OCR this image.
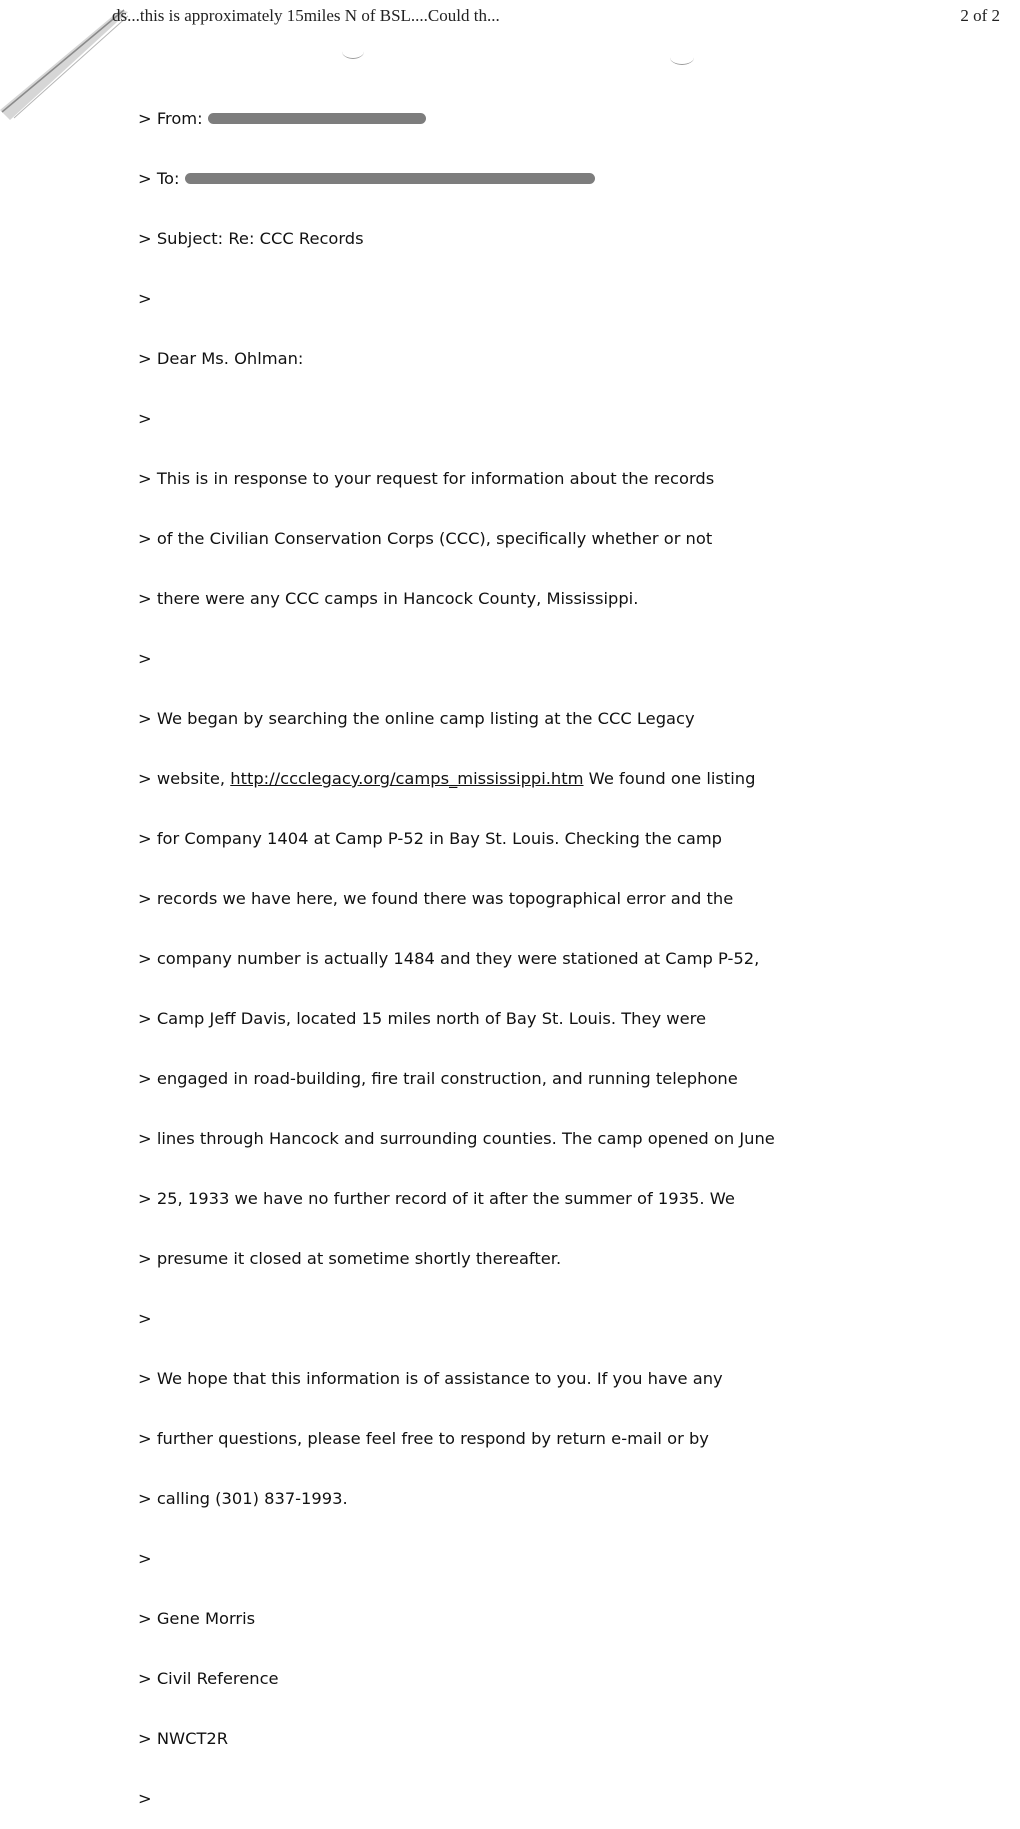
ds...this is approximately 15miles N of BSL....Could th...	2 of 2

> From:

> To:

> Subject: Re: CCC Records

>

> Dear Ms. Ohlman:

>

> This is in response to your request for information about the records

> of the Civilian Conservation Corps (CCC), specifically whether or not

> there were any CCC camps in Hancock County, Mississippi.

>

> We began by searching the online camp listing at the CCC Legacy

> website, http://ccclegacy.org/camps_mississippi.htm We found one listing

> for Company 1404 at Camp P-52 in Bay St. Louis. Checking the camp

> records we have here, we found there was topographical error and the

> company number is actually 1484 and they were stationed at Camp P-52,

> Camp Jeff Davis, located 15 miles north of Bay St. Louis. They were

> engaged in road-building, fire trail construction, and running telephone

> lines through Hancock and surrounding counties. The camp opened on June

> 25, 1933 we have no further record of it after the summer of 1935. We

> presume it closed at sometime shortly thereafter.

>

> We hope that this information is of assistance to you. If you have any

> further questions, please feel free to respond by return e-mail or by

> calling (301) 837-1993.

>

> Gene Morris

> Civil Reference

> NWCT2R

>
